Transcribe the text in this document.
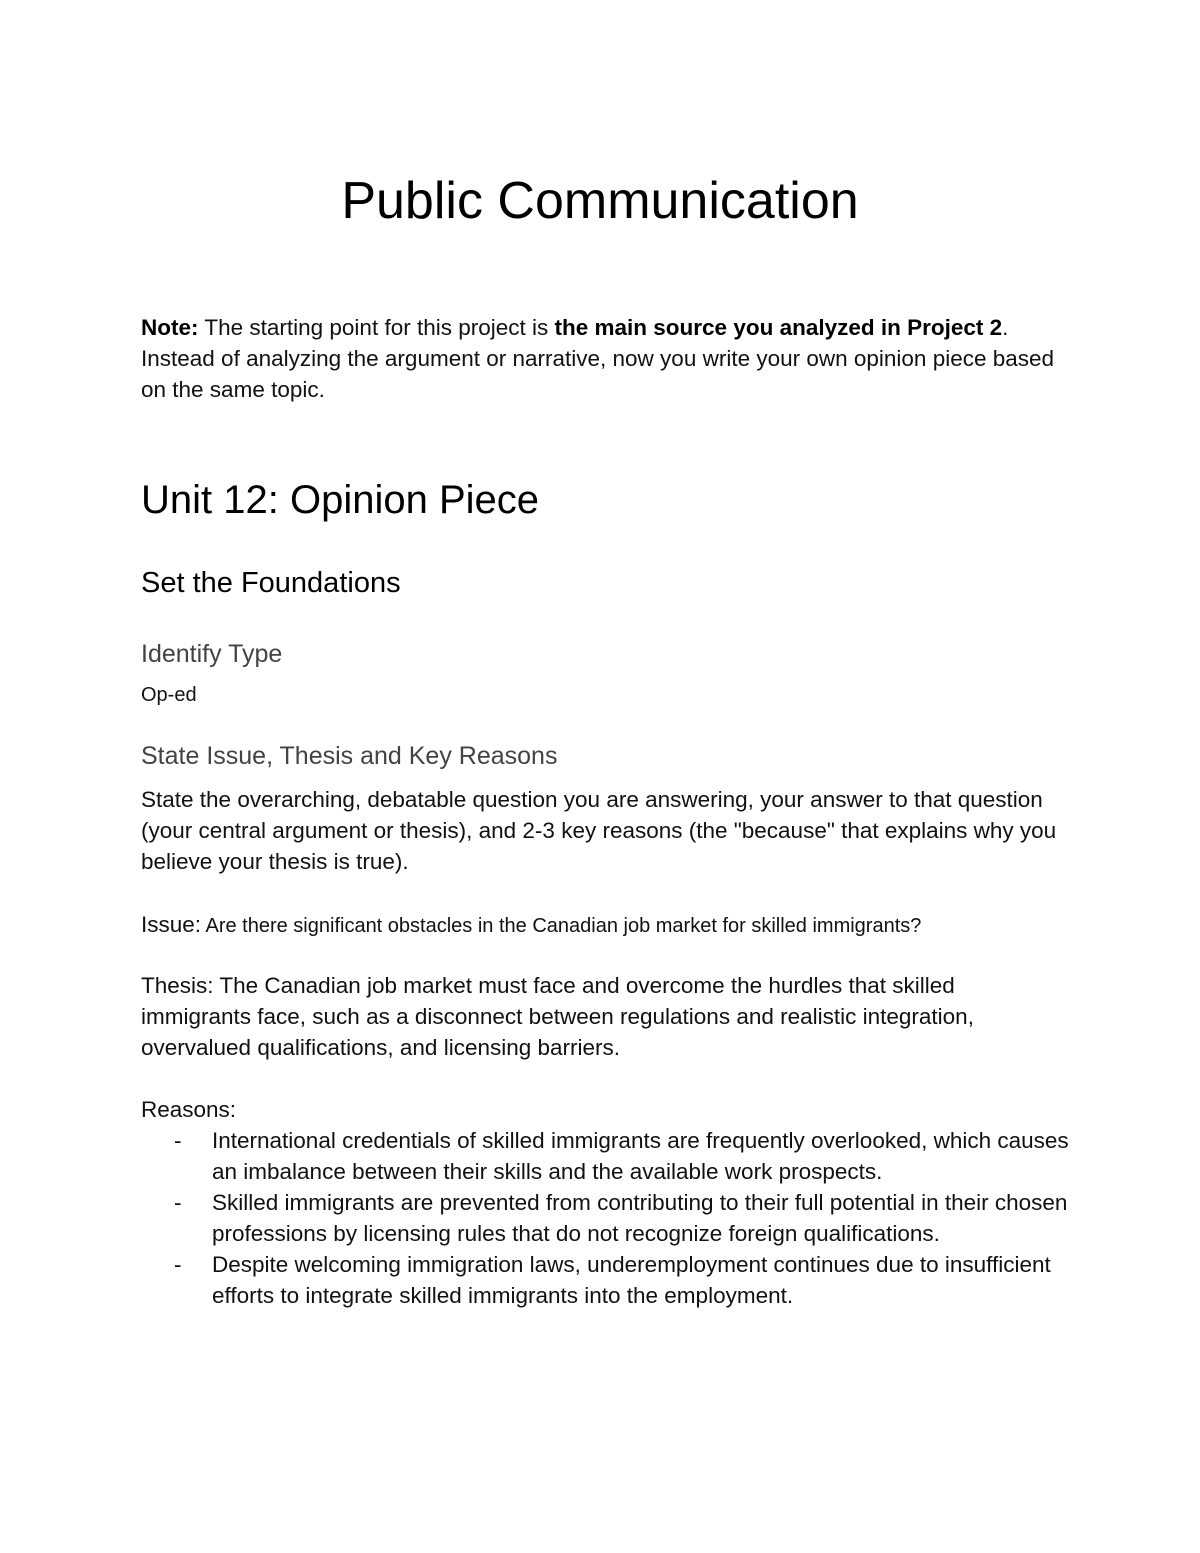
Public Communication

Note: The starting point for this project is the main source you analyzed in Project 2. Instead of analyzing the argument or narrative, now you write your own opinion piece based on the same topic.

Unit 12: Opinion Piece
Set the Foundations
Identify Type

Op-ed

State Issue, Thesis and Key Reasons

State the overarching, debatable question you are answering, your answer to that question (your central argument or thesis), and 2-3 key reasons (the "because" that explains why you believe your thesis is true).

Issue: Are there significant obstacles in the Canadian job market for skilled immigrants?

Thesis: The Canadian job market must face and overcome the hurdles that skilled immigrants face, such as a disconnect between regulations and realistic integration, overvalued qualifications, and licensing barriers.

Reasons:

- International credentials of skilled immigrants are frequently overlooked, which causes an imbalance between their skills and the available work prospects.
- Skilled immigrants are prevented from contributing to their full potential in their chosen professions by licensing rules that do not recognize foreign qualifications.
- Despite welcoming immigration laws, underemployment continues due to insufficient efforts to integrate skilled immigrants into the employment.
